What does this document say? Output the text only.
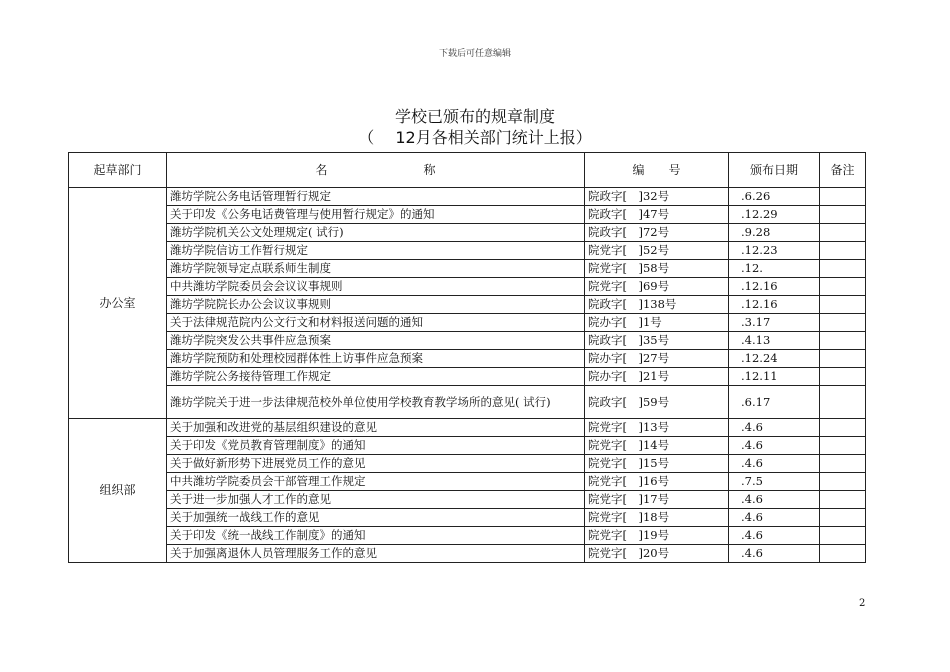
下载后可任意编辑
学校已颁布的规章制度
（　 12月各相关部门统计上报）
起草部门	名　　　　　　　　称	编　　号	颁布日期	备注
办公室	潍坊学院公务电话管理暂行规定	院政字[　]32号	.6.26	
	关于印发《公务电话费管理与使用暂行规定》的通知	院政字[　]47号	.12.29	
	潍坊学院机关公文处理规定( 试行)	院政字[　]72号	.9.28	
	潍坊学院信访工作暂行规定	院党字[　]52号	.12.23	
	潍坊学院领导定点联系师生制度	院党字[　]58号	.12.	
	中共潍坊学院委员会会议议事规则	院党字[　]69号	.12.16	
	潍坊学院院长办公会议议事规则	院政字[　]138号	.12.16	
	关于法律规范院内公文行文和材料报送问题的通知	院办字[　]1号	.3.17	
	潍坊学院突发公共事件应急预案	院政字[　]35号	.4.13	
	潍坊学院预防和处理校园群体性上访事件应急预案	院办字[　]27号	.12.24	
	潍坊学院公务接待管理工作规定	院办字[　]21号	.12.11	
	潍坊学院关于进一步法律规范校外单位使用学校教育教学场所的意见( 试行)	院政字[　]59号	.6.17	
组织部	关于加强和改进党的基层组织建设的意见	院党字[　]13号	.4.6	
	关于印发《党员教育管理制度》的通知	院党字[　]14号	.4.6	
	关于做好新形势下进展党员工作的意见	院党字[　]15号	.4.6	
	中共潍坊学院委员会干部管理工作规定	院党字[　]16号	.7.5	
	关于进一步加强人才工作的意见	院党字[　]17号	.4.6	
	关于加强统一战线工作的意见	院党字[　]18号	.4.6	
	关于印发《统一战线工作制度》的通知	院党字[　]19号	.4.6	
	关于加强离退休人员管理服务工作的意见	院党字[　]20号	.4.6	
2
